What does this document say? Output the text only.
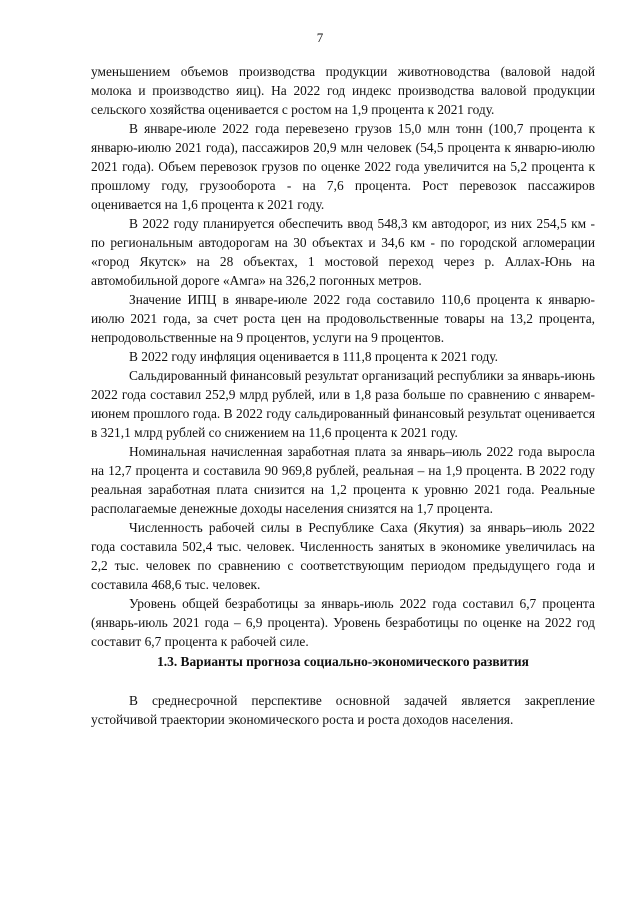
7

уменьшением объемов производства продукции животноводства (валовой надой молока и производство яиц). На 2022 год индекс производства валовой продукции сельского хозяйства оценивается с ростом на 1,9 процента к 2021 году.

В январе-июле 2022 года перевезено грузов 15,0 млн тонн (100,7 процента к январю-июлю 2021 года), пассажиров 20,9 млн человек (54,5 процента к январю-июлю 2021 года). Объем перевозок грузов по оценке 2022 года увеличится на 5,2 процента к прошлому году, грузооборота - на 7,6 процента. Рост перевозок пассажиров оценивается на 1,6 процента к 2021 году.

В 2022 году планируется обеспечить ввод 548,3 км автодорог, из них 254,5 км - по региональным автодорогам на 30 объектах и 34,6 км - по городской агломерации «город Якутск» на 28 объектах, 1 мостовой переход через р. Аллах-Юнь на автомобильной дороге «Амга» на 326,2 погонных метров.

Значение ИПЦ в январе-июле 2022 года составило 110,6 процента к январю-июлю 2021 года, за счет роста цен на продовольственные товары на 13,2 процента, непродовольственные на 9 процентов, услуги на 9 процентов.

В 2022 году инфляция оценивается в 111,8 процента к 2021 году.

Сальдированный финансовый результат организаций республики за январь-июнь 2022 года составил 252,9 млрд рублей, или в 1,8 раза больше по сравнению с январем-июнем прошлого года. В 2022 году сальдированный финансовый результат оценивается в 321,1 млрд рублей со снижением на 11,6 процента к 2021 году.

Номинальная начисленная заработная плата за январь–июль 2022 года выросла на 12,7 процента и составила 90 969,8 рублей, реальная – на 1,9 процента. В 2022 году реальная заработная плата снизится на 1,2 процента к уровню 2021 года. Реальные располагаемые денежные доходы населения снизятся на 1,7 процента.

Численность рабочей силы в Республике Саха (Якутия) за январь–июль 2022 года составила 502,4 тыс. человек. Численность занятых в экономике увеличилась на 2,2 тыс. человек по сравнению с соответствующим периодом предыдущего года и составила 468,6 тыс. человек.

Уровень общей безработицы за январь-июль 2022 года составил 6,7 процента (январь-июль 2021 года – 6,9 процента). Уровень безработицы по оценке на 2022 год составит 6,7 процента к рабочей силе.

1.3. Варианты прогноза социально-экономического развития

В среднесрочной перспективе основной задачей является закрепление устойчивой траектории экономического роста и роста доходов населения.
